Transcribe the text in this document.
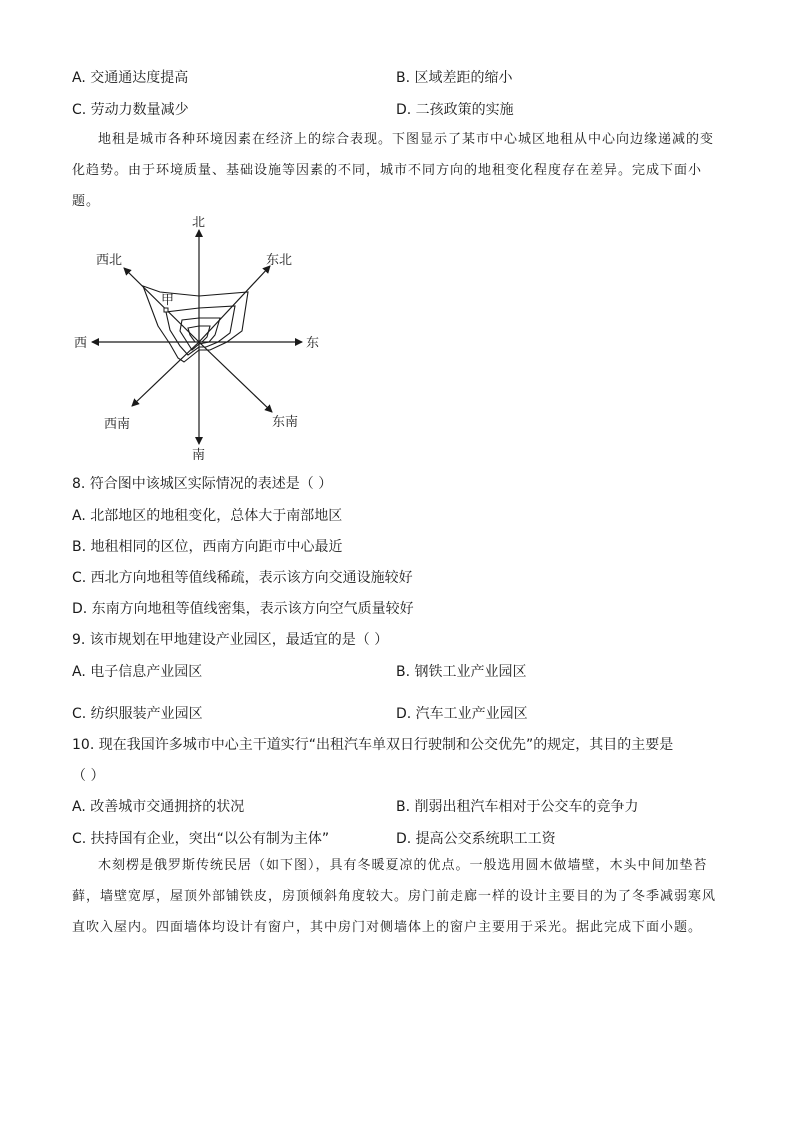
A. 交通通达度提高	B. 区域差距的缩小
C. 劳动力数量减少	D. 二孩政策的实施
地租是城市各种环境因素在经济上的综合表现。下图显示了某市中心城区地租从中心向边缘递减的变化趋势。由于环境质量、基础设施等因素的不同，城市不同方向的地租变化程度存在差异。完成下面小题。
甲
北
南
东
西
西北	东北
西南	东南
8. 符合图中该城区实际情况的表述是（ ）
A. 北部地区的地租变化，总体大于南部地区
B. 地租相同的区位，西南方向距市中心最近
C. 西北方向地租等值线稀疏，表示该方向交通设施较好
D. 东南方向地租等值线密集，表示该方向空气质量较好
9. 该市规划在甲地建设产业园区，最适宜的是（ ）
A. 电子信息产业园区	B. 钢铁工业产业园区
C. 纺织服装产业园区	D. 汽车工业产业园区
10. 现在我国许多城市中心主干道实行“出租汽车单双日行驶制和公交优先”的规定，其目的主要是
（ ）
A. 改善城市交通拥挤的状况	B. 削弱出租汽车相对于公交车的竞争力
C. 扶持国有企业，突出“以公有制为主体”	D. 提高公交系统职工工资
木刻楞是俄罗斯传统民居（如下图），具有冬暖夏凉的优点。一般选用圆木做墙壁，木头中间加垫苔藓，墙壁宽厚，屋顶外部铺铁皮，房顶倾斜角度较大。房门前走廊一样的设计主要目的为了冬季减弱寒风直吹入屋内。四面墙体均设计有窗户，其中房门对侧墙体上的窗户主要用于采光。据此完成下面小题。
